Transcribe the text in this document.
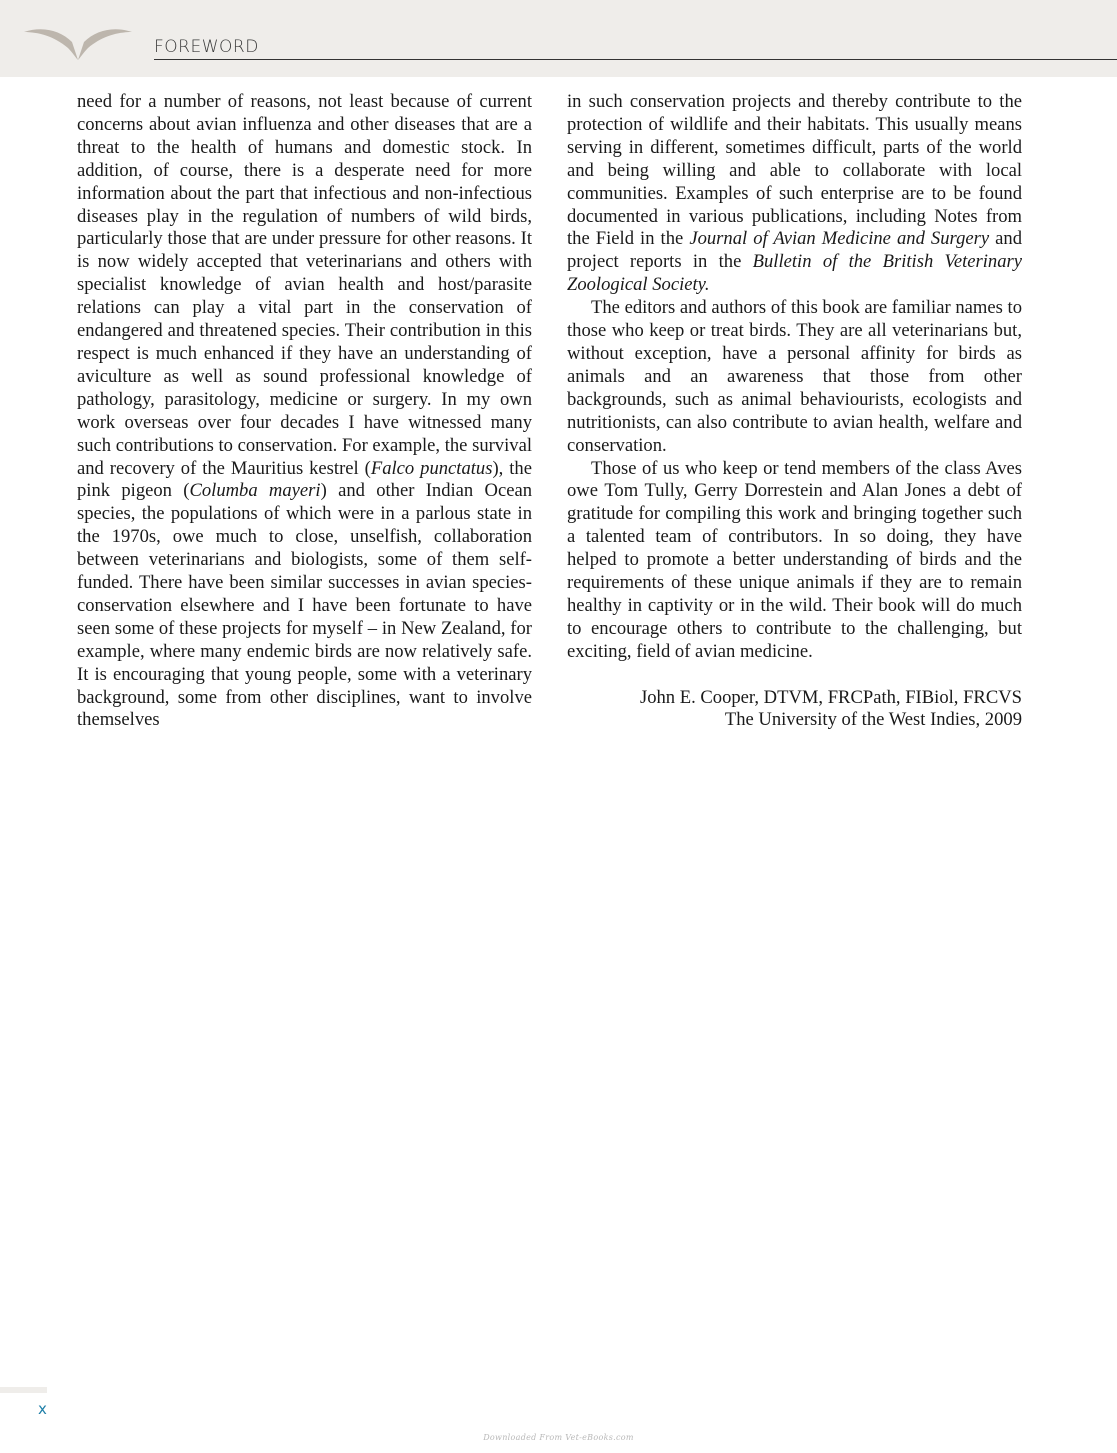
FOREWORD

need for a number of reasons, not least because of current concerns about avian influenza and other diseases that are a threat to the health of humans and domestic stock. In addition, of course, there is a desperate need for more information about the part that infectious and non-infectious diseases play in the regulation of numbers of wild birds, particularly those that are under pressure for other reasons. It is now widely accepted that veterinarians and others with specialist knowledge of avian health and host/parasite relations can play a vital part in the conservation of endangered and threatened species. Their contribution in this respect is much enhanced if they have an understanding of aviculture as well as sound professional knowledge of pathology, parasitology, medicine or surgery. In my own work overseas over four decades I have witnessed many such contributions to conservation. For example, the survival and recovery of the Mauritius kestrel (Falco punctatus), the pink pigeon (Columba mayeri) and other Indian Ocean species, the populations of which were in a parlous state in the 1970s, owe much to close, unselfish, collaboration between veterinarians and biologists, some of them self-funded. There have been similar successes in avian species-conservation elsewhere and I have been fortunate to have seen some of these projects for myself – in New Zealand, for example, where many endemic birds are now relatively safe. It is encouraging that young people, some with a veterinary background, some from other disciplines, want to involve themselves

in such conservation projects and thereby contribute to the protection of wildlife and their habitats. This usually means serving in different, sometimes difficult, parts of the world and being willing and able to collaborate with local communities. Examples of such enterprise are to be found documented in various publications, including Notes from the Field in the Journal of Avian Medicine and Surgery and project reports in the Bulletin of the British Veterinary Zoological Society.

The editors and authors of this book are familiar names to those who keep or treat birds. They are all veterinarians but, without exception, have a personal affinity for birds as animals and an awareness that those from other backgrounds, such as animal behaviourists, ecologists and nutritionists, can also contribute to avian health, welfare and conservation.

Those of us who keep or tend members of the class Aves owe Tom Tully, Gerry Dorrestein and Alan Jones a debt of gratitude for compiling this work and bringing together such a talented team of contributors. In so doing, they have helped to promote a better understanding of birds and the requirements of these unique animals if they are to remain healthy in captivity or in the wild. Their book will do much to encourage others to contribute to the challenging, but exciting, field of avian medicine.

John E. Cooper, DTVM, FRCPath, FIBiol, FRCVS
The University of the West Indies, 2009
x
Downloaded From Vet-eBooks.com
